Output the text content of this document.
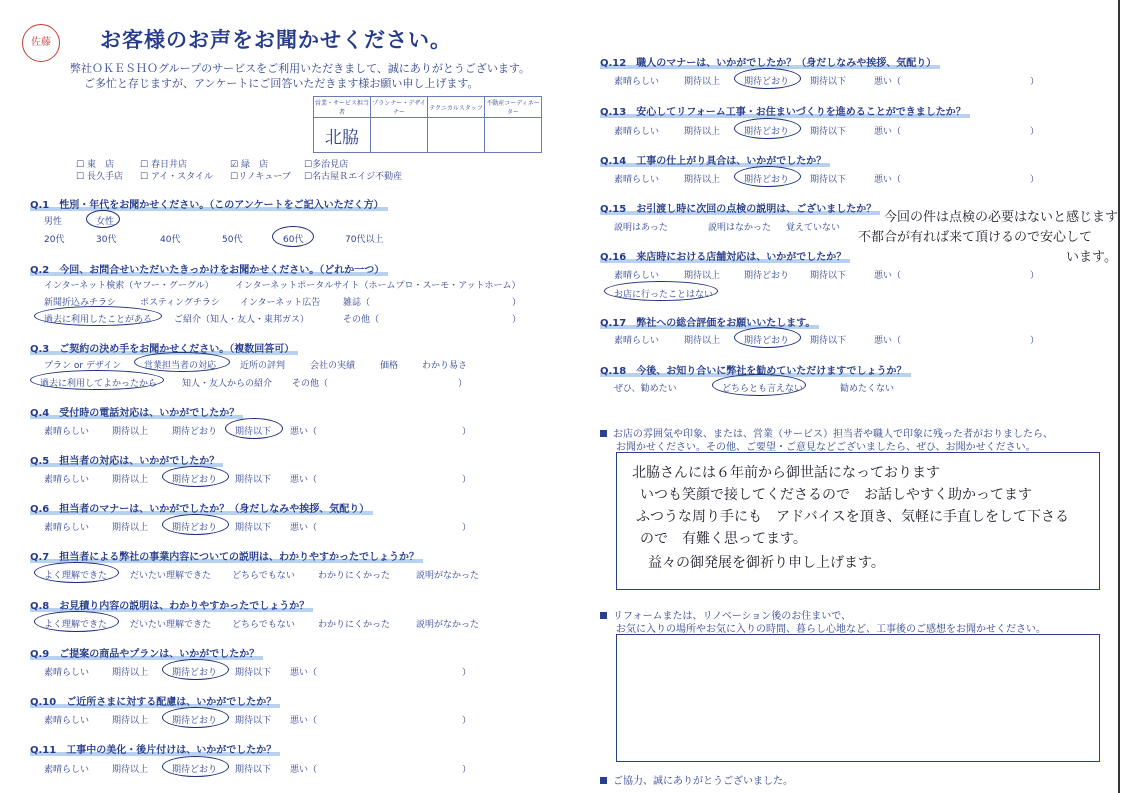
佐藤	お客様のお声をお聞かせください。
弊社ＯＫＥＳＨＯグループのサービスをご利用いただきまして、誠にありがとうございます。
ご多忙と存じますが、アンケートにご回答いただきます様お願い申し上げます。
営業・サービス担当者	プランナー・デザイナー	テクニカルスタッフ	不動産コーディネーター
北脇			
☐ 東　店	☐ 春日井店	☑ 緑　店	☐多治見店
☐ 長久手店 ☐ アイ・スタイル ☐リノキューブ ☐名古屋Ｒエイジ不動産
Q.1　性別・年代をお聞かせください。（このアンケートをご記入いただく方）
男性	女性
20代	30代	40代	50代	60代	70代以上
Q.2　今回、お問合せいただいたきっかけをお聞かせください。（どれか一つ）
インターネット検索（ヤフー・グーグル） インターネットポータルサイト（ホームプロ・スーモ・アットホーム）
新聞折込みチラシ	ポスティングチラシ インターネット広告	雑誌（	）
過去に利用したことがある ご紹介（知人・友人・東邦ガス）	その他（	）
Q.3　ご契約の決め手をお聞かせください。（複数回答可）
プラン or デザイン	営業担当者の対応	近所の評判	会社の実績	価格	わかり易さ
過去に利用してよかったから	知人・友人からの紹介 その他（	）
Q.4　受付時の電話対応は、いかがでしたか？
Q.5　担当者の対応は、いかがでしたか？
Q.6　担当者のマナーは、いかがでしたか？（身だしなみや挨拶、気配り）
Q.7　担当者による弊社の事業内容についての説明は、わかりやすかったでしょうか？
Q.8　お見積り内容の説明は、わかりやすかったでしょうか？
Q.9　ご提案の商品やプランは、いかがでしたか？
Q.10　ご近所さまに対する配慮は、いかがでしたか？
Q.11　工事中の美化・後片付けは、いかがでしたか？
Q.12　職人のマナーは、いかがでしたか？（身だしなみや挨拶、気配り）
Q.13　安心してリフォーム工事・お住まいづくりを進めることができましたか？
Q.14　工事の仕上がり具合は、いかがでしたか？
Q.15　お引渡し時に次回の点検の説明は、ございましたか？
説明はあった	説明はなかった 覚えていない
今回の件は点検の必要はないと感じます
不都合が有れば来て頂けるので安心して
います。
Q.16　来店時における店舗対応は、いかがでしたか？
お店に行ったことはない
Q.17　弊社への総合評価をお願いいたします。
Q.18　今後、お知り合いに弊社を勧めていただけますでしょうか？
ぜひ、勧めたい	どちらとも言えない	勧めたくない
お店の雰囲気や印象、または、営業（サービス）担当者や職人で印象に残った者がおりましたら、
お聞かせください。その他、ご要望・ご意見などございましたら、ぜひ、お聞かせください。
北脇さんには６年前から御世話になっております
いつも笑顔で接してくださるので　お話しやすく助かってます
ふつうな周り手にも　アドバイスを頂き、気軽に手直しをして下さる
ので　有難く思ってます。
益々の御発展を御祈り申し上げます。
リフォームまたは、リノベーション後のお住まいで、
お気に入りの場所やお気に入りの時間、暮らし心地など、工事後のご感想をお聞かせください。
ご協力、誠にありがとうございました。
素晴らしい	期待以上	期待どおり 期待以下 悪い（	）
素晴らしい	期待以上	期待どおり 期待以下 悪い（	）
素晴らしい	期待以上	期待どおり 期待以下 悪い（	）
素晴らしい	期待以上	期待どおり 期待以下 悪い（	）
素晴らしい	期待以上	期待どおり 期待以下 悪い（	）
素晴らしい	期待以上	期待どおり 期待以下 悪い（	）
素晴らしい	期待以上	期待どおり 期待以下	悪い（	）
素晴らしい	期待以上	期待どおり 期待以下	悪い（	）
素晴らしい	期待以上	期待どおり 期待以下	悪い（	）
素晴らしい	期待以上	期待どおり 期待以下	悪い（	）
素晴らしい	期待以上	期待どおり 期待以下	悪い（	）
よく理解できた	だいたい理解できた どちらでもない	わかりにくかった	説明がなかった
よく理解できた	だいたい理解できた どちらでもない	わかりにくかった	説明がなかった
